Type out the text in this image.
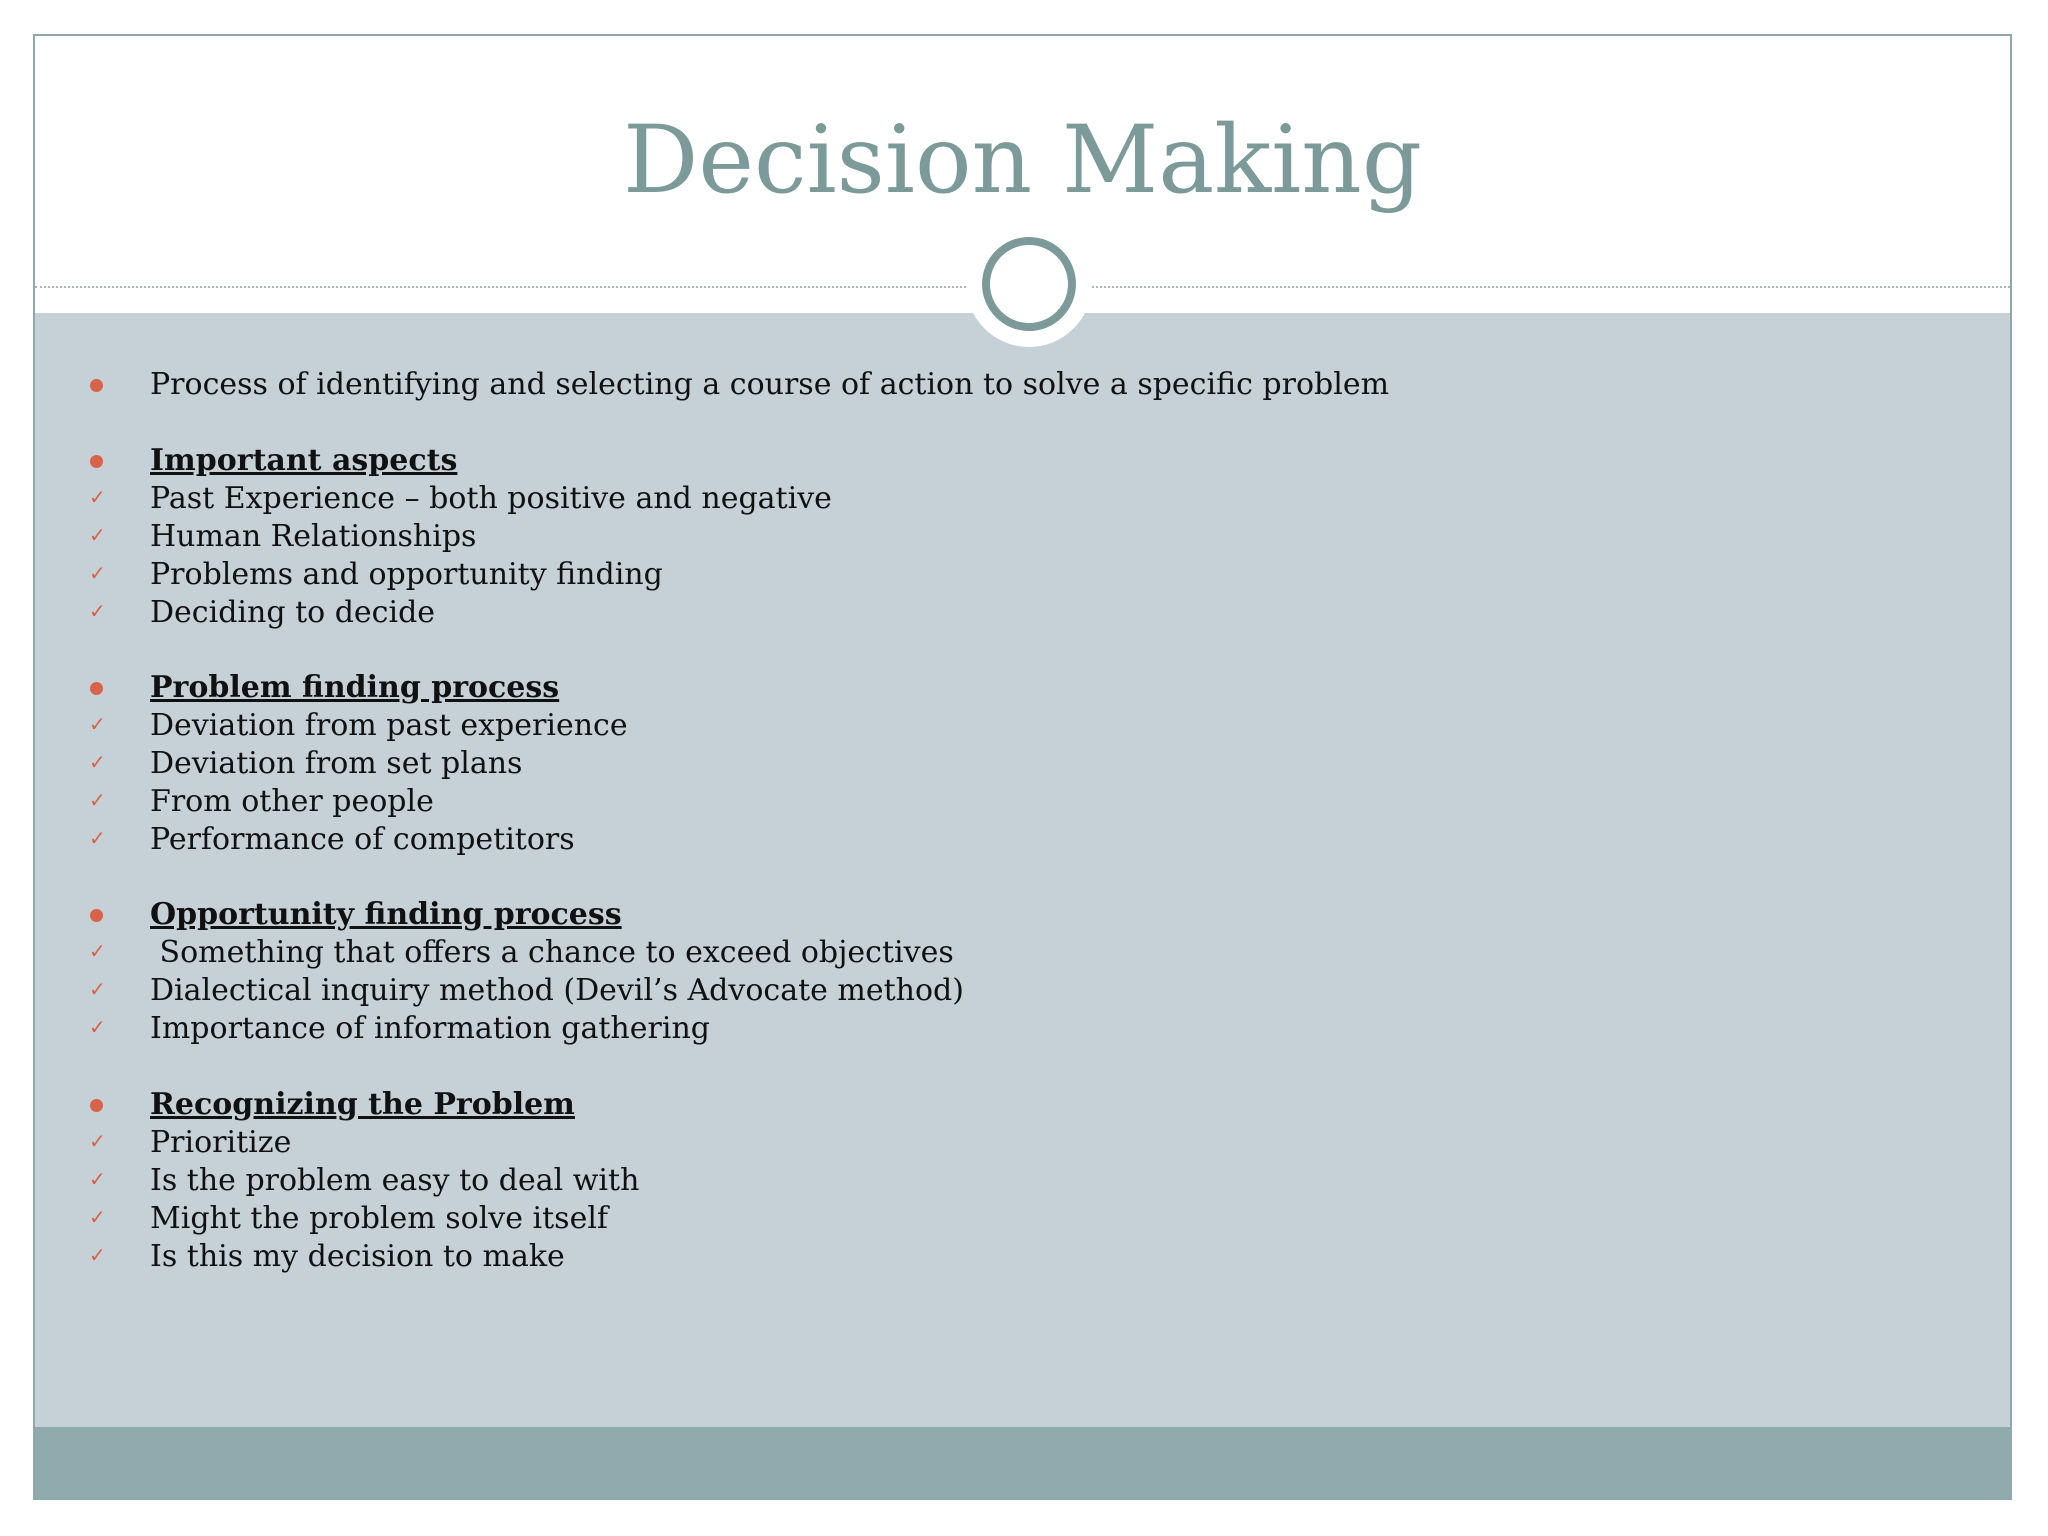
Decision Making
Process of identifying and selecting a course of action to solve a specific problem
Important aspects
✓ Past Experience – both positive and negative
✓ Human Relationships
✓ Problems and opportunity finding
✓ Deciding to decide
Problem finding process
✓ Deviation from past experience
✓ Deviation from set plans
✓ From other people
✓ Performance of competitors
Opportunity finding process
✓ Something that offers a chance to exceed objectives
✓ Dialectical inquiry method (Devil’s Advocate method)
✓ Importance of information gathering
Recognizing the Problem
✓ Prioritize
✓ Is the problem easy to deal with
✓ Might the problem solve itself
✓ Is this my decision to make
